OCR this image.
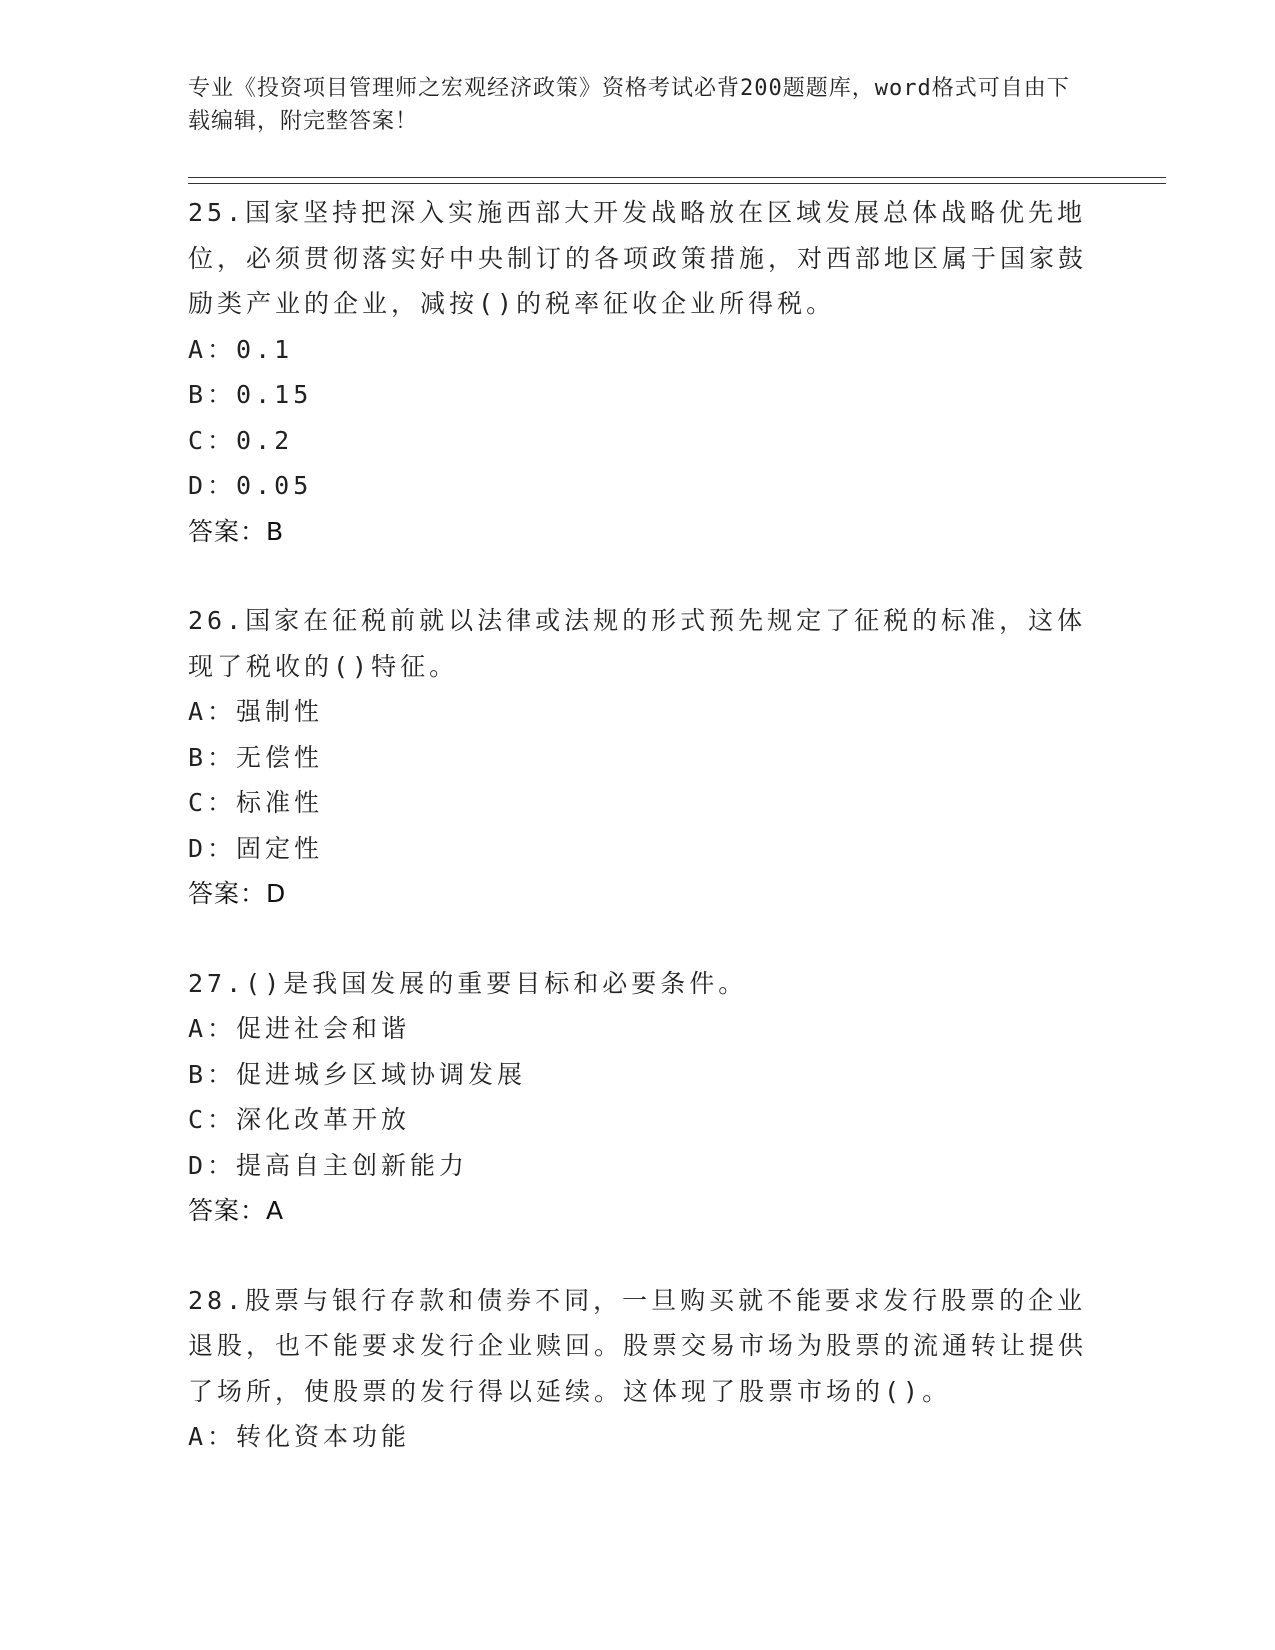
专业《投资项目管理师之宏观经济政策》资格考试必背200题题库，word格式可自由下载编辑，附完整答案！
25.国家坚持把深入实施西部大开发战略放在区域发展总体战略优先地位，必须贯彻落实好中央制订的各项政策措施，对西部地区属于国家鼓励类产业的企业，减按()的税率征收企业所得税。
A：0.1
B：0.15
C：0.2
D：0.05
答案：B
26.国家在征税前就以法律或法规的形式预先规定了征税的标准，这体现了税收的()特征。
A：强制性
B：无偿性
C：标准性
D：固定性
答案：D
27.()是我国发展的重要目标和必要条件。
A：促进社会和谐
B：促进城乡区域协调发展
C：深化改革开放
D：提高自主创新能力
答案：A
28.股票与银行存款和债券不同，一旦购买就不能要求发行股票的企业退股，也不能要求发行企业赎回。股票交易市场为股票的流通转让提供了场所，使股票的发行得以延续。这体现了股票市场的()。
A：转化资本功能
